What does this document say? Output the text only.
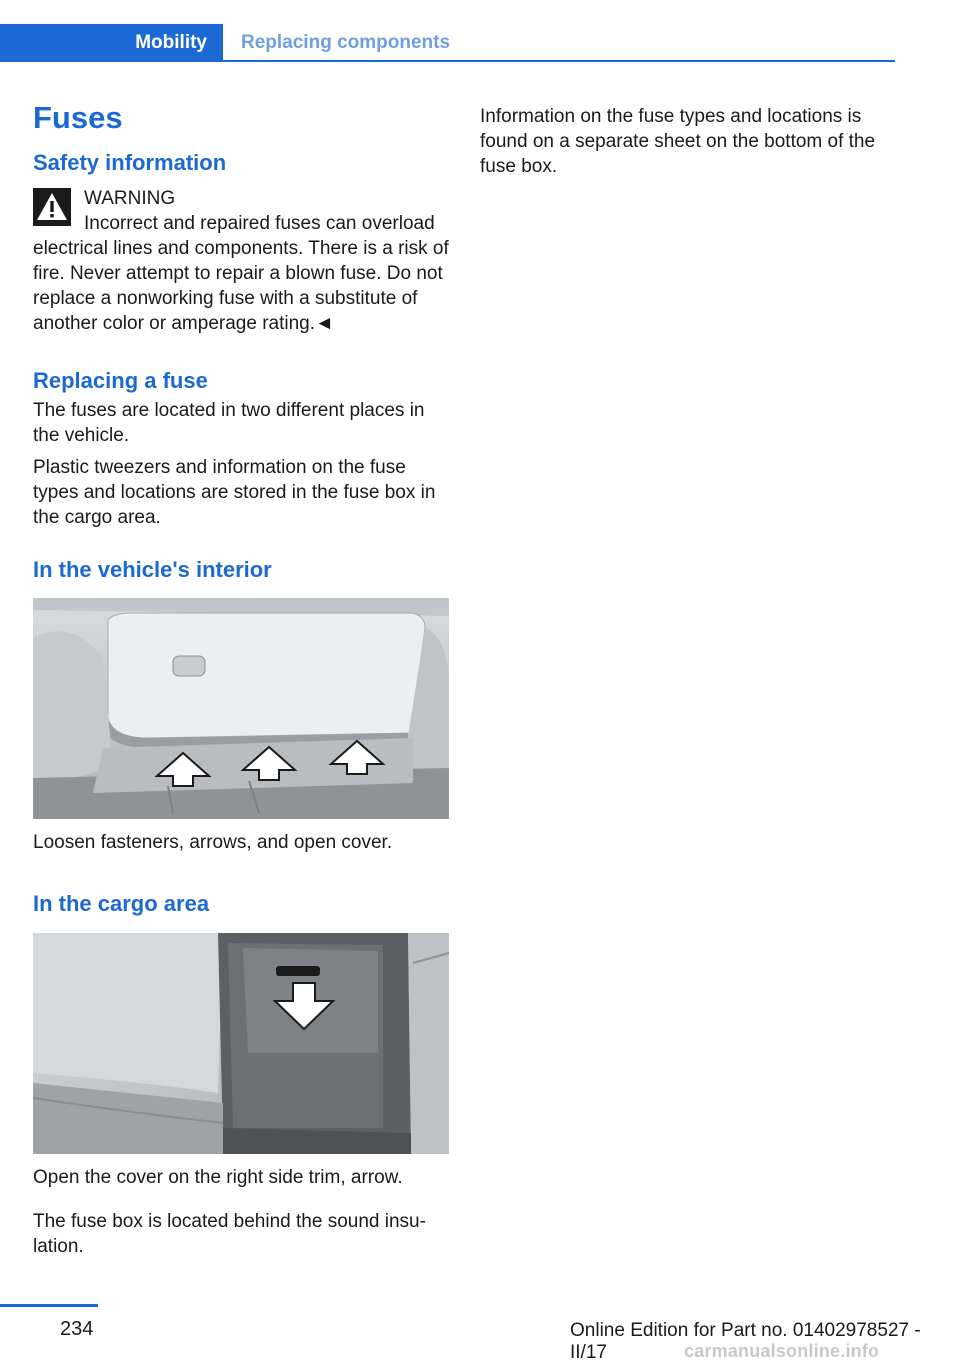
Mobility	Replacing components
Fuses
Safety information
WARNING
Incorrect and repaired fuses can overload
electrical lines and components. There is a risk of fire. Never attempt to repair a blown fuse. Do not replace a nonworking fuse with a substitute of another color or amperage rating.◄
Replacing a fuse

The fuses are located in two different places in the vehicle.

Plastic tweezers and information on the fuse types and locations are stored in the fuse box in the cargo area.

In the vehicle's interior

Loosen fasteners, arrows, and open cover.

In the cargo area

Open the cover on the right side trim, arrow.

The fuse box is located behind the sound insulation.

Information on the fuse types and locations is found on a separate sheet on the bottom of the fuse box.

234	Online Edition for Part no. 01402978527 - II/17	carmanualsonline.info
